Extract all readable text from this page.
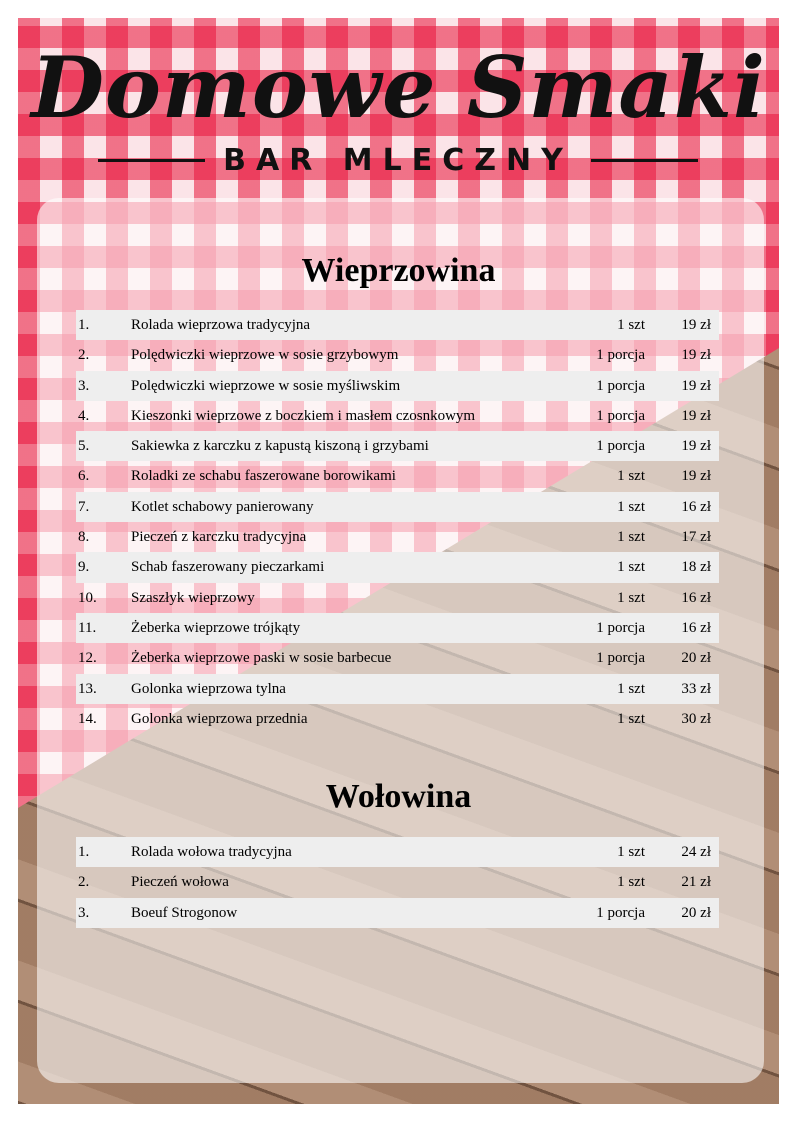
Domowe Smaki
BAR MLECZNY
Wieprzowina
1.	Rolada wieprzowa tradycyjna	1 szt 19 zł
2.	Polędwiczki wieprzowe w sosie grzybowym	1 porcja 19 zł
3.	Polędwiczki wieprzowe w sosie myśliwskim	1 porcja 19 zł
4.	Kieszonki wieprzowe z boczkiem i masłem czosnkowym	1 porcja 19 zł
5.	Sakiewka z karczku z kapustą kiszoną i grzybami	1 porcja 19 zł
6.	Roladki ze schabu faszerowane borowikami	1 szt 19 zł
7.	Kotlet schabowy panierowany	1 szt 16 zł
8.	Pieczeń z karczku tradycyjna	1 szt 17 zł
9.	Schab faszerowany pieczarkami	1 szt 18 zł
10. Szaszłyk wieprzowy	1 szt 16 zł
11. Żeberka wieprzowe trójkąty	1 porcja 16 zł
12. Żeberka wieprzowe paski w sosie barbecue	1 porcja 20 zł
13. Golonka wieprzowa tylna	1 szt 33 zł
14. Golonka wieprzowa przednia	1 szt 30 zł
Wołowina
1.	Rolada wołowa tradycyjna	1 szt 24 zł
2.	Pieczeń wołowa	1 szt 21 zł
3.	Boeuf Strogonow	1 porcja 20 zł
